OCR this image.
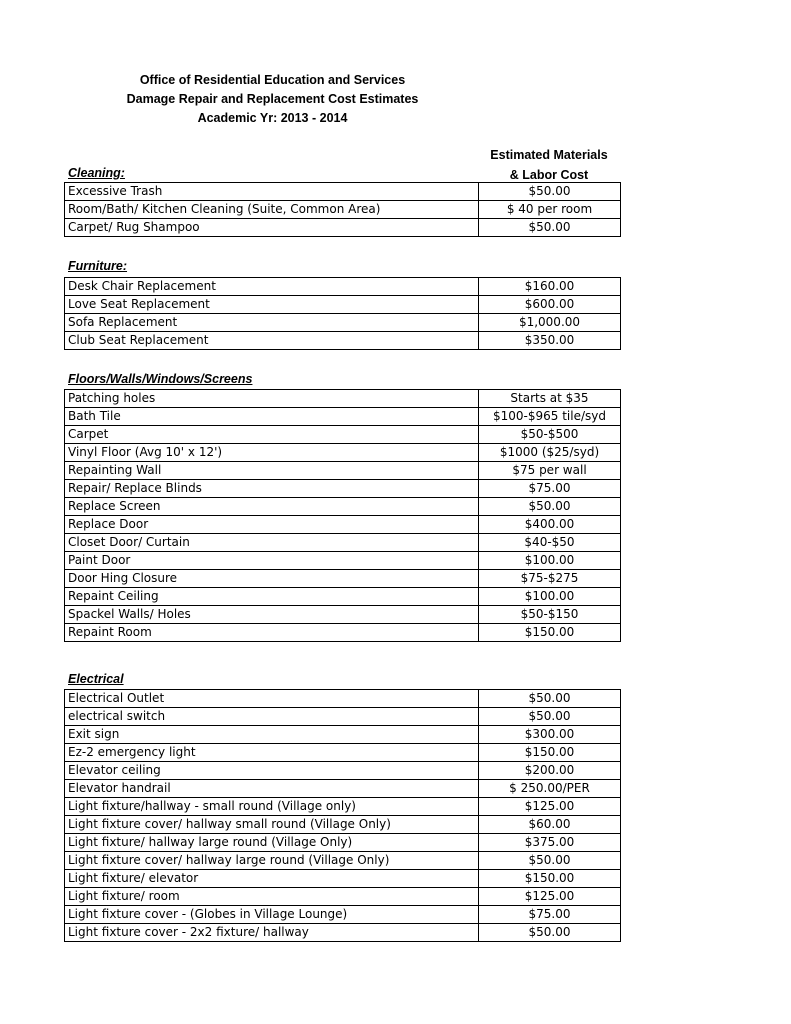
Office of Residential Education and Services
Damage Repair and Replacement Cost Estimates
Academic Yr: 2013 - 2014
Estimated Materials
& Labor Cost
Cleaning:
Excessive Trash	$50.00
Room/Bath/ Kitchen Cleaning (Suite, Common Area)	$ 40 per room
Carpet/ Rug Shampoo	$50.00
Furniture:
Desk Chair Replacement	$160.00
Love Seat Replacement	$600.00
Sofa Replacement	$1,000.00
Club Seat Replacement	$350.00
Floors/Walls/Windows/Screens
Patching holes	Starts at $35
Bath Tile	$100-$965 tile/syd
Carpet	$50-$500
Vinyl Floor (Avg 10' x 12')	$1000 ($25/syd)
Repainting Wall	$75 per wall
Repair/ Replace Blinds	$75.00
Replace Screen	$50.00
Replace Door	$400.00
Closet Door/ Curtain	$40-$50
Paint Door	$100.00
Door Hing Closure	$75-$275
Repaint Ceiling	$100.00
Spackel Walls/ Holes	$50-$150
Repaint Room	$150.00
Electrical
Electrical Outlet	$50.00
electrical switch	$50.00
Exit sign	$300.00
Ez-2 emergency light	$150.00
Elevator ceiling	$200.00
Elevator handrail	$ 250.00/PER
Light fixture/hallway - small round (Village only)	$125.00
Light fixture cover/ hallway small round (Village Only)	$60.00
Light fixture/ hallway large round (Village Only)	$375.00
Light fixture cover/ hallway large round (Village Only)	$50.00
Light fixture/ elevator	$150.00
Light fixture/ room	$125.00
Light fixture cover - (Globes in Village Lounge)	$75.00
Light fixture cover - 2x2 fixture/ hallway	$50.00
